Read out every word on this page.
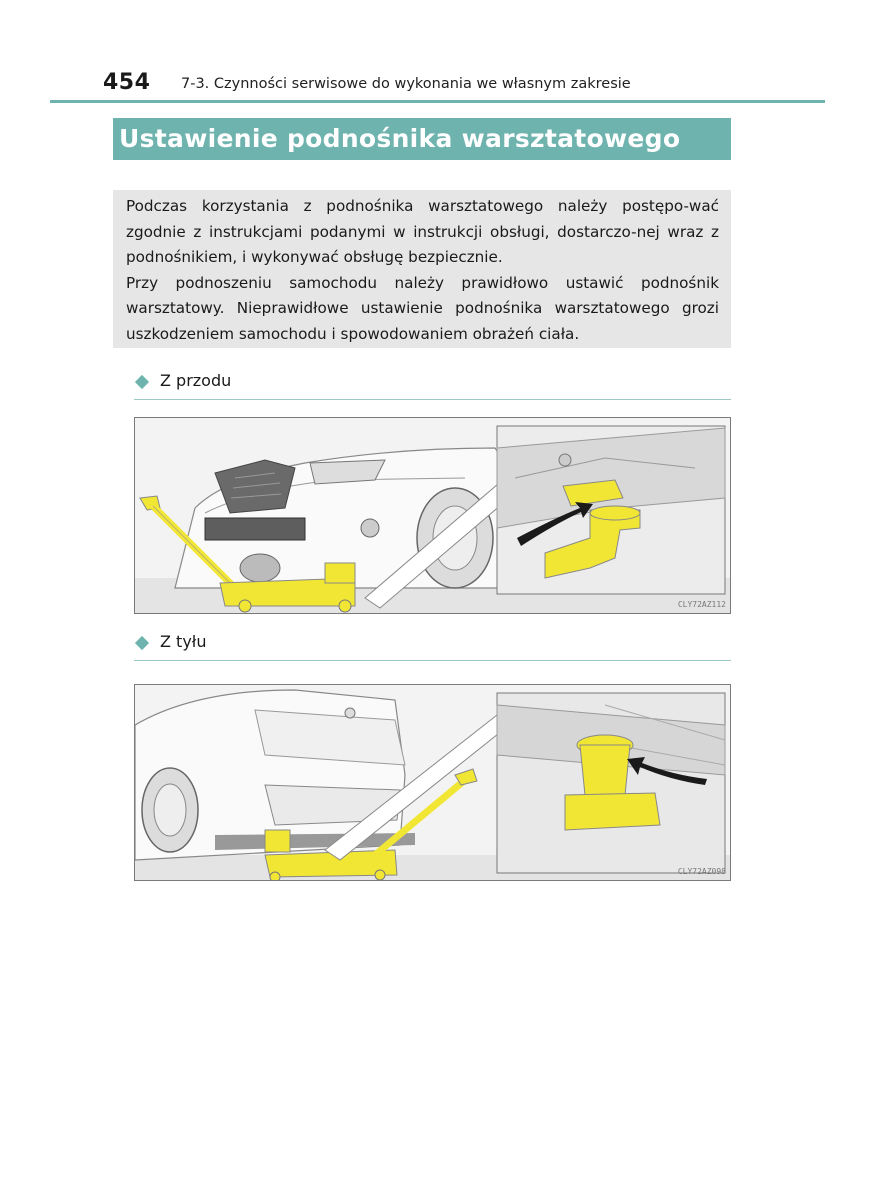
454 7-3. Czynności serwisowe do wykonania we własnym zakresie
Ustawienie podnośnika warsztatowego

Podczas korzystania z podnośnika warsztatowego należy postępo-wać zgodnie z instrukcjami podanymi w instrukcji obsługi, dostarczo-nej wraz z podnośnikiem, i wykonywać obsługę bezpiecznie.

Przy podnoszeniu samochodu należy prawidłowo ustawić podnośnik warsztatowy. Nieprawidłowe ustawienie podnośnika warsztatowego grozi uszkodzeniem samochodu i spowodowaniem obrażeń ciała.

Z przodu
CLY72AZ112
Z tyłu
CLY72AZ098
